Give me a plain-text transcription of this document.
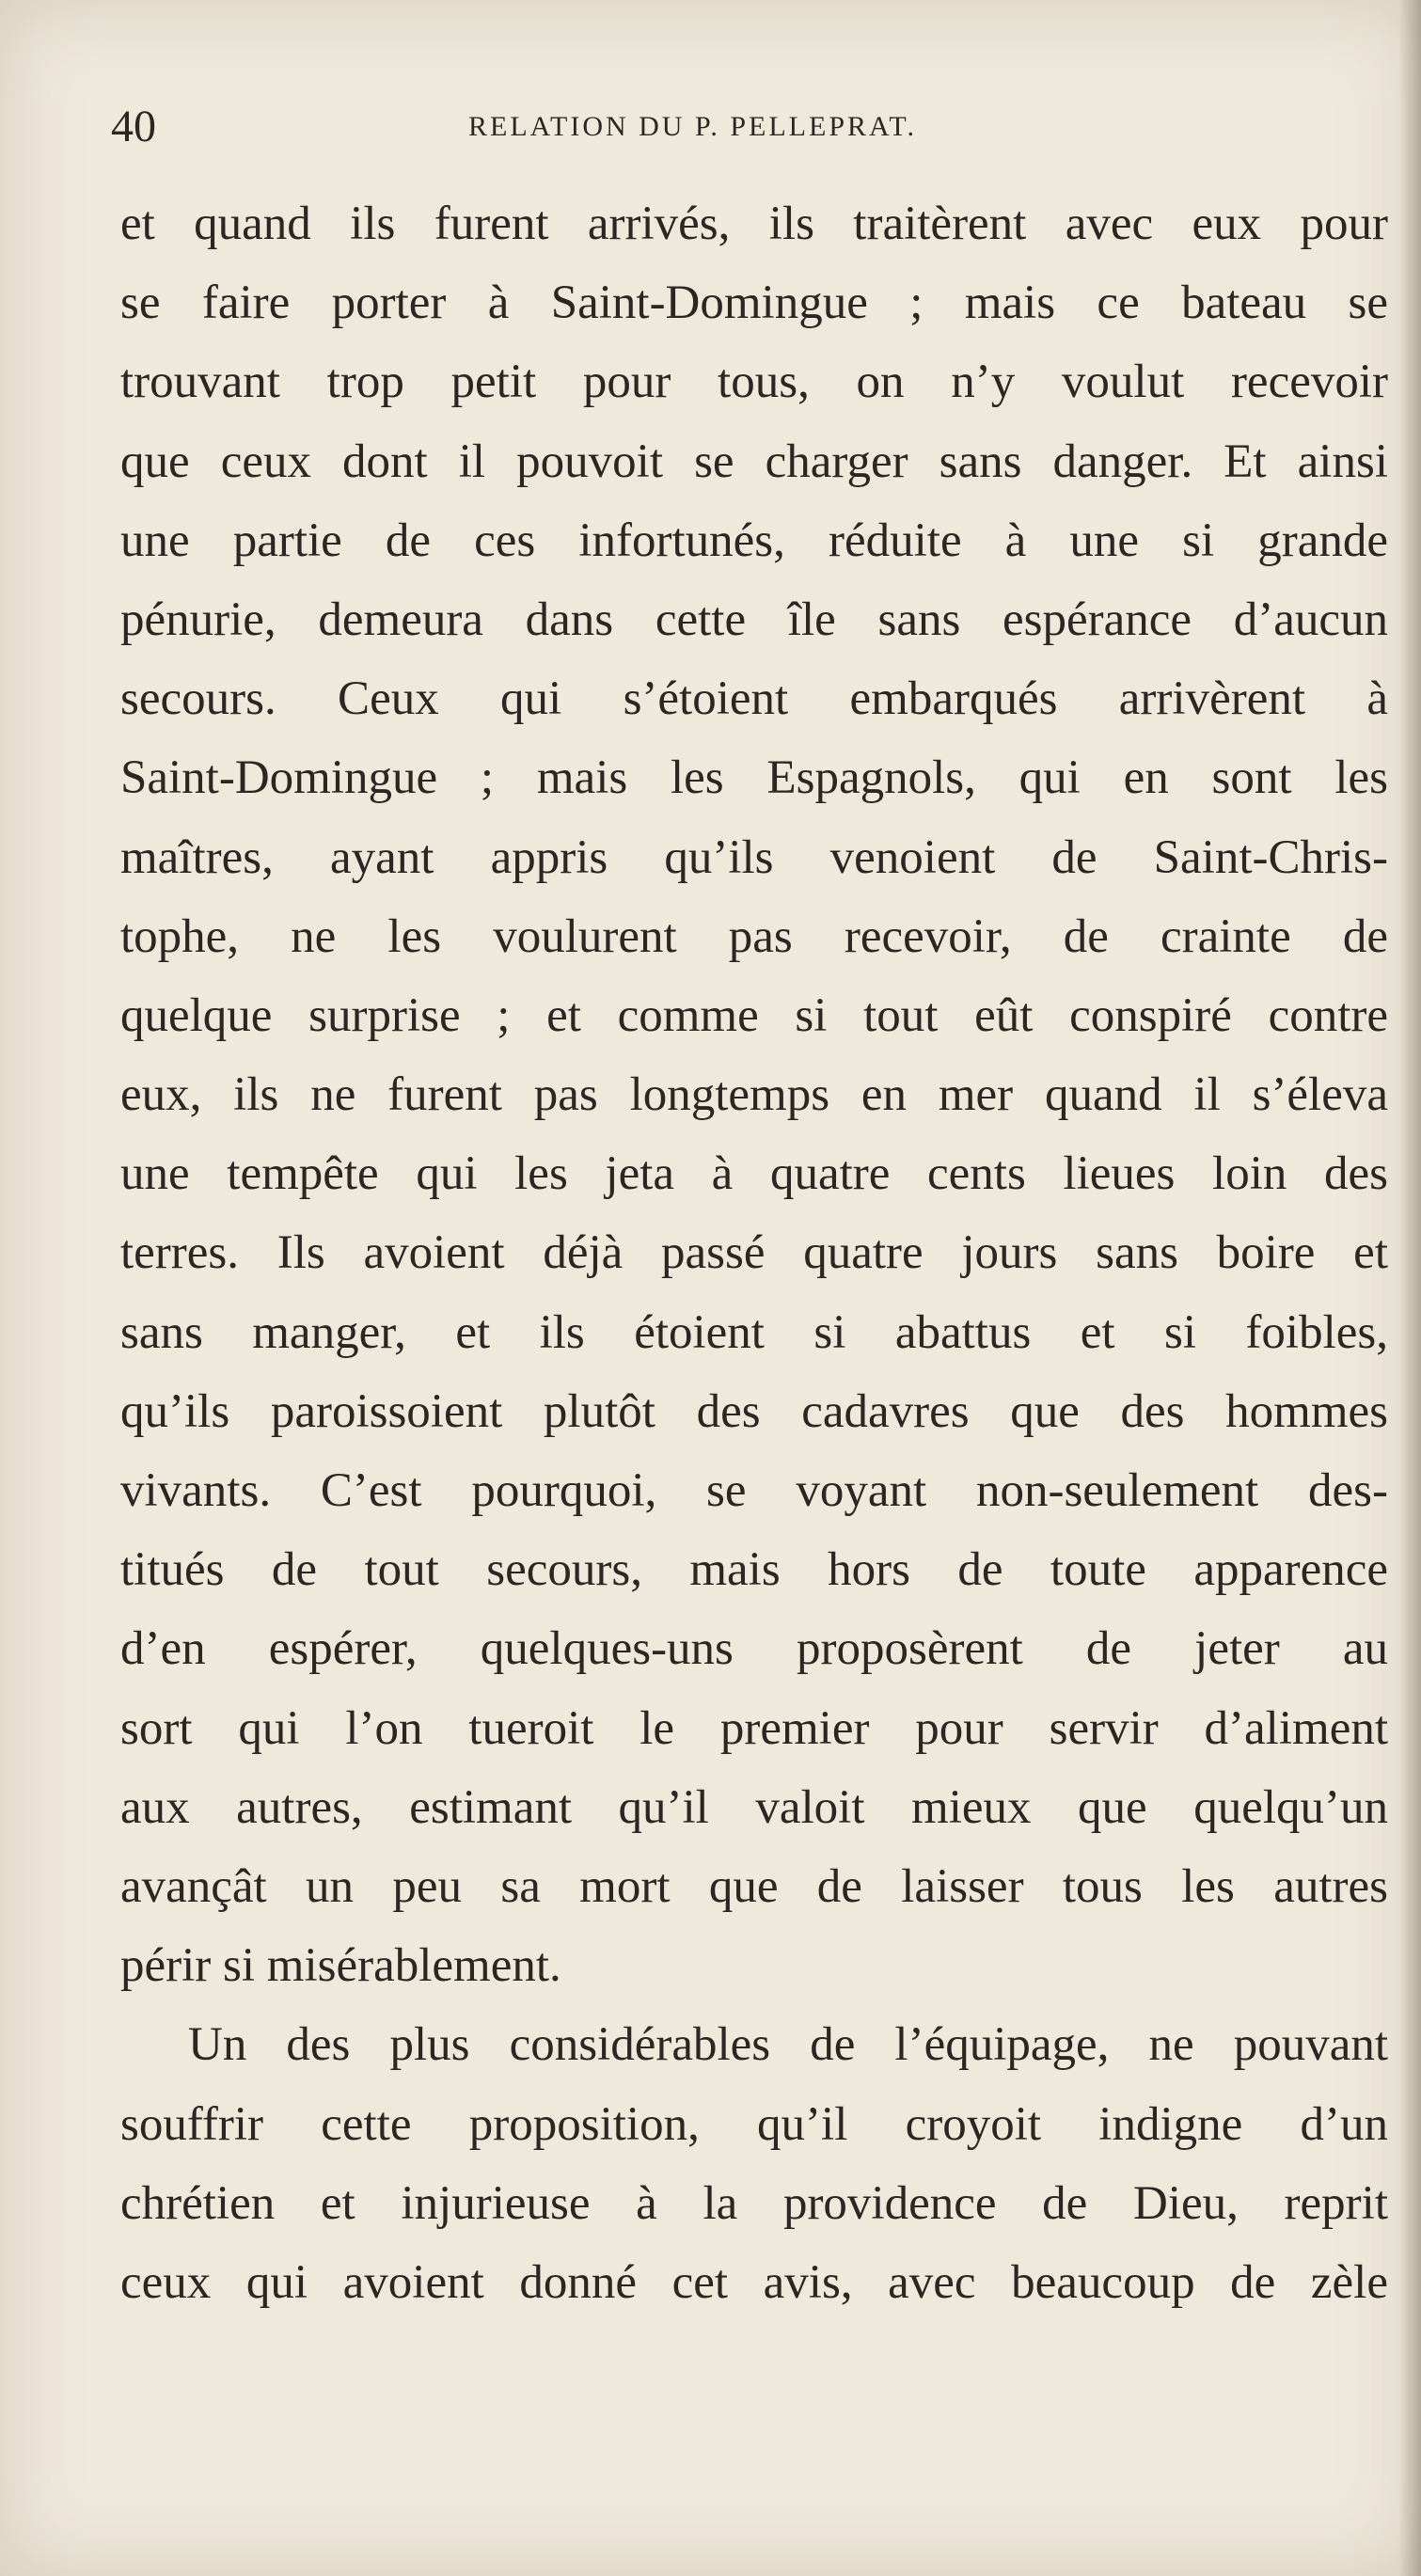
40	RELATION DU P. PELLEPRAT.
et quand ils furent arrivés, ils traitèrent avec eux pour
se faire porter à Saint-Domingue ; mais ce bateau se
trouvant trop petit pour tous, on n’y voulut recevoir
que ceux dont il pouvoit se charger sans danger. Et ainsi
une partie de ces infortunés, réduite à une si grande
pénurie, demeura dans cette île sans espérance d’aucun
secours. Ceux qui s’étoient embarqués arrivèrent à
Saint-Domingue ; mais les Espagnols, qui en sont les
maîtres, ayant appris qu’ils venoient de Saint-Chris-
tophe, ne les voulurent pas recevoir, de crainte de
quelque surprise ; et comme si tout eût conspiré contre
eux, ils ne furent pas longtemps en mer quand il s’éleva
une tempête qui les jeta à quatre cents lieues loin des
terres. Ils avoient déjà passé quatre jours sans boire et
sans manger, et ils étoient si abattus et si foibles,
qu’ils paroissoient plutôt des cadavres que des hommes
vivants. C’est pourquoi, se voyant non-seulement des-
titués de tout secours, mais hors de toute apparence
d’en espérer, quelques-uns proposèrent de jeter au
sort qui l’on tueroit le premier pour servir d’aliment
aux autres, estimant qu’il valoit mieux que quelqu’un
avançât un peu sa mort que de laisser tous les autres
périr si misérablement.
Un des plus considérables de l’équipage, ne pouvant
souffrir cette proposition, qu’il croyoit indigne d’un
chrétien et injurieuse à la providence de Dieu, reprit
ceux qui avoient donné cet avis, avec beaucoup de zèle
